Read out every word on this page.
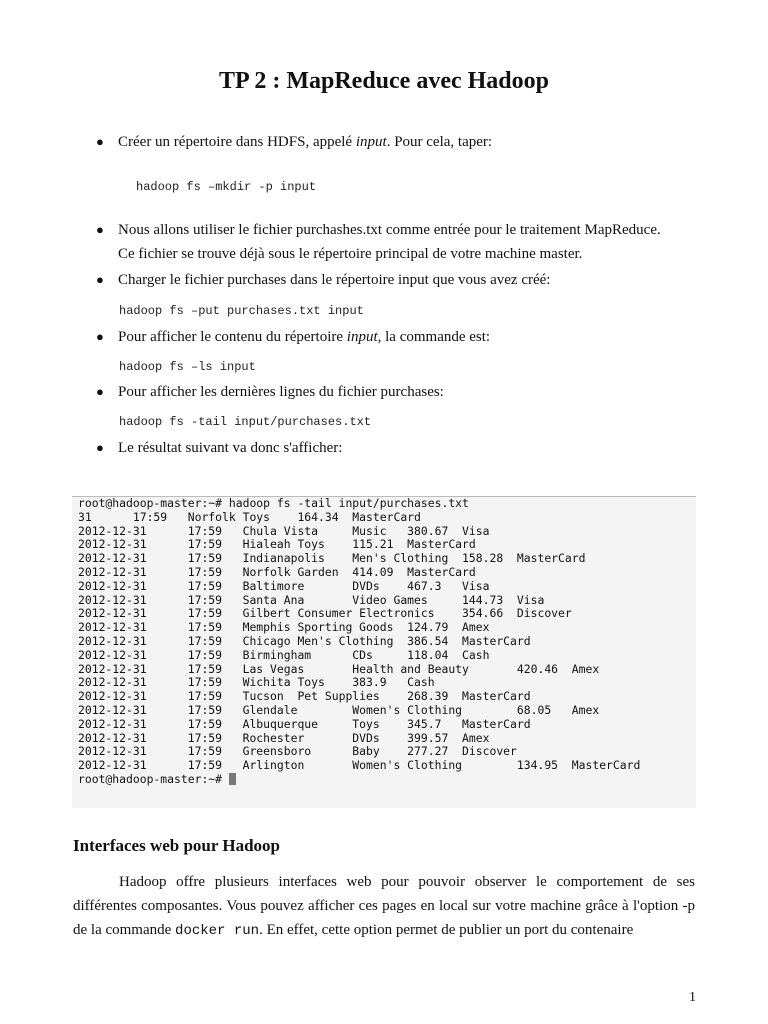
TP 2 : MapReduce avec Hadoop
● Créer un répertoire dans HDFS, appelé input. Pour cela, taper:
hadoop fs –mkdir -p input
● Nous allons utiliser le fichier purchashes.txt comme entrée pour le traitement MapReduce.
Ce fichier se trouve déjà sous le répertoire principal de votre machine master.
● Charger le fichier purchases dans le répertoire input que vous avez créé:
hadoop fs –put purchases.txt input
● Pour afficher le contenu du répertoire input, la commande est:
hadoop fs –ls input
● Pour afficher les dernières lignes du fichier purchases:
hadoop fs -tail input/purchases.txt
● Le résultat suivant va donc s'afficher:
root@hadoop-master:~# hadoop fs -tail input/purchases.txt
31      17:59   Norfolk Toys    164.34  MasterCard
2012-12-31      17:59   Chula Vista     Music   380.67  Visa
2012-12-31      17:59   Hialeah Toys    115.21  MasterCard
2012-12-31      17:59   Indianapolis    Men's Clothing  158.28  MasterCard
2012-12-31      17:59   Norfolk Garden  414.09  MasterCard
2012-12-31      17:59   Baltimore       DVDs    467.3   Visa
2012-12-31      17:59   Santa Ana       Video Games     144.73  Visa
2012-12-31      17:59   Gilbert Consumer Electronics    354.66  Discover
2012-12-31      17:59   Memphis Sporting Goods  124.79  Amex
2012-12-31      17:59   Chicago Men's Clothing  386.54  MasterCard
2012-12-31      17:59   Birmingham      CDs     118.04  Cash
2012-12-31      17:59   Las Vegas       Health and Beauty       420.46  Amex
2012-12-31      17:59   Wichita Toys    383.9   Cash
2012-12-31      17:59   Tucson  Pet Supplies    268.39  MasterCard
2012-12-31      17:59   Glendale        Women's Clothing        68.05   Amex
2012-12-31      17:59   Albuquerque     Toys    345.7   MasterCard
2012-12-31      17:59   Rochester       DVDs    399.57  Amex
2012-12-31      17:59   Greensboro      Baby    277.27  Discover
2012-12-31      17:59   Arlington       Women's Clothing        134.95  MasterCard
root@hadoop-master:~#
Interfaces web pour Hadoop
Hadoop offre plusieurs interfaces web pour pouvoir observer le comportement de ses différentes composantes. Vous pouvez afficher ces pages en local sur votre machine grâce à l'option -p de la commande docker run. En effet, cette option permet de publier un port du contenaire
1
